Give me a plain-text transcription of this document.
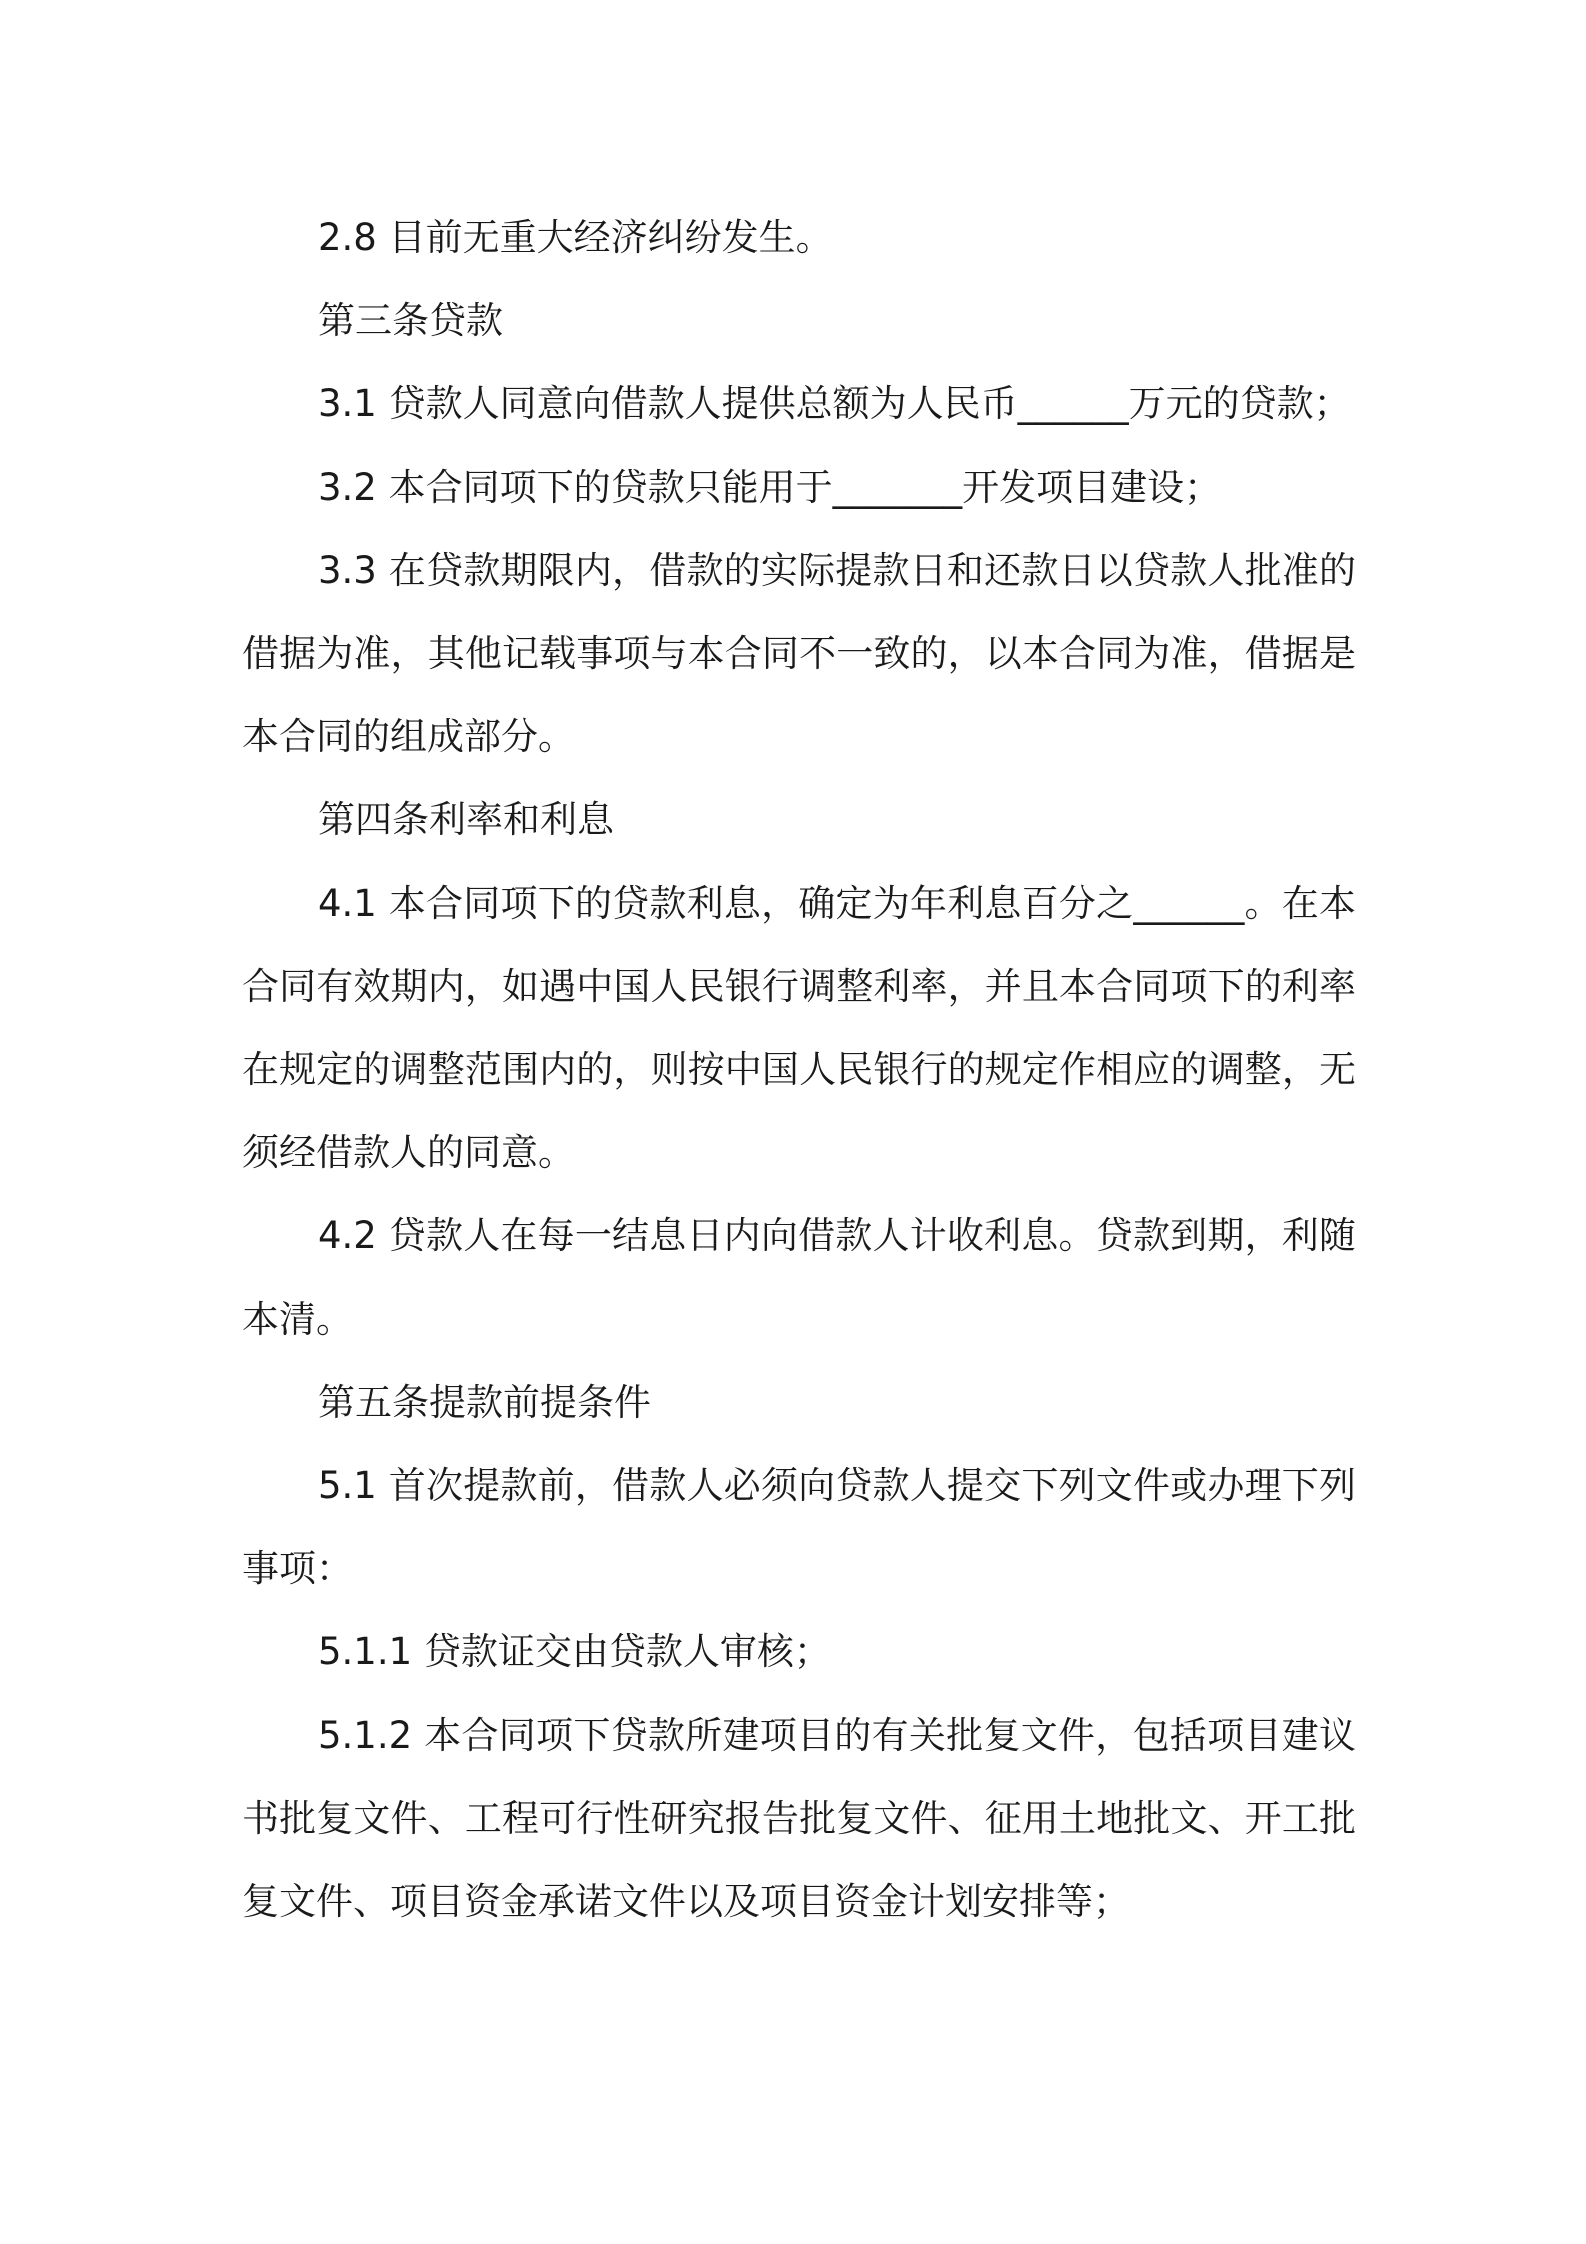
2.8 目前无重大经济纠纷发生。

第三条贷款

3.1 贷款人同意向借款人提供总额为人民币______万元的贷款；

3.2 本合同项下的贷款只能用于_______开发项目建设；

3.3 在贷款期限内，借款的实际提款日和还款日以贷款人批准的借据为准，其他记载事项与本合同不一致的，以本合同为准，借据是本合同的组成部分。

第四条利率和利息

4.1 本合同项下的贷款利息，确定为年利息百分之______。在本合同有效期内，如遇中国人民银行调整利率，并且本合同项下的利率在规定的调整范围内的，则按中国人民银行的规定作相应的调整，无须经借款人的同意。

4.2 贷款人在每一结息日内向借款人计收利息。贷款到期，利随本清。

第五条提款前提条件

5.1 首次提款前，借款人必须向贷款人提交下列文件或办理下列事项：

5.1.1 贷款证交由贷款人审核；

5.1.2 本合同项下贷款所建项目的有关批复文件，包括项目建议书批复文件、工程可行性研究报告批复文件、征用土地批文、开工批复文件、项目资金承诺文件以及项目资金计划安排等；
